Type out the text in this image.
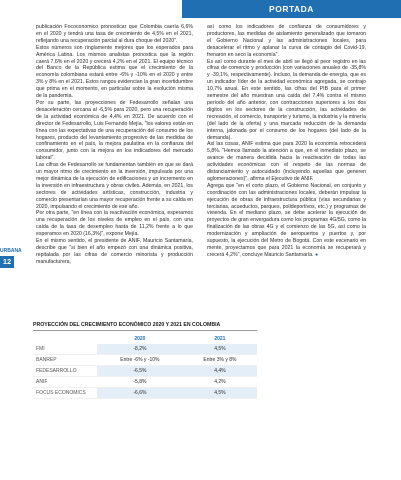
PORTADA
URBANA
12

publicación Fococonomico pronosticar que Colombia caería 6,6% en el 2020 y tendrá una tasa de crecimiento de 4,5% en el 2021, reflejando una recuperación parcial al dura choque del 2020".

Estos números son ringlamente mejores que los esperados para América Latina. Los mismos analistas pronostica que la región caerá 7,6% en el 2020 y crecerá 4,2% en el 2021. El equipo técnico del Banco de la República estima que el crecimiento de la economía colombiana estará entre -6% y -10% en el 2020 y entre 3% y 8% en el 2021. Estos rangos evidencian la gran incertidumbre que prima en el momento, en particular sobre la evolución misma de la pandemia.

Por su parte, las proyecciones de Fedesarrollo señalan una desaceleración cercana al -6,5% para 2020, pero una recuperación de la actividad económica de 4,4% en 2021. De acuerdo con el director de Fedesarrollo, Luis Fernando Mejía, "los valores están en línea con las expectativas de una recuperación del consumo de los hogares, producto del levantamiento progresivo de las medidas de confinamiento en el país, la mejora paulatina en la confianza del consumidor, junto con la mejora en los indicadores del mercado laboral".

Las cifras de Fedesarrollo se fundamentan también en que se dará un mayor ritmo de crecimiento en la inversión, impulsada por una mejor dinámica de la ejecución de edificaciones y un incremento en la inversión en infraestructura y obras civiles. Además, en 2021, los sectores de actividades artísticas, construcción, industria y comercio presentarían una mayor recuperación frente a su caída en 2020, impulsando el crecimiento de ese año.

Por otra parte, "en línea con la reactivación económica, esperamos una recuperación de los niveles de empleo en el país, con una caída de la tasa de desempleo hasta de 11,2% frente a lo que esperamos en 2020 (16,3%)", expone Mejía.

En el mismo sentido, el presidente de ANIF, Mauricio Santamaría, describe que "si bien el año empezó con una dinámica positiva, repitalada por las cifras de comercio minorista y producción manufacturera,

así como los indicadores de confianza de consumidores y productores, las medidas de aislamiento generalizado que tomaron el Gobierno Nacional y las administraciones locales, para desacelerar el ritmo y aplanar la curva de contagio del Covid-19, frenaron en seco la economía".

Es así como durante el mes de abril se llegó al peor registro en las cifras de comercio y producción (con variaciones anuales de -35,8% y -39,1%, respectivamente). Incluso, la demanda de energía, que es un indicador líder de la actividad económica agregada, se contrajo 10,7% anual. En este sentido, las cifras del PIB para el primer semestre del año muestran una caída del 7,4% contra el mismo período del año anterior, con contracciones superiores a los dos dígitos en los sectores de la construcción, las actividades de recreación, el comercio, transporte y turismo, la industria y la minería (del lado de la oferta) y una marcada reducción de la demanda interna, jalonada por el consumo de los hogares (del lado de la demanda).

Así las cosas, ANIF estima que para 2020 la economía retrocederá 5,8%. "Hemos llamado la atención a que, en el inmediato plazo, se avance de manera decidida hacia la reactivación de todas las actividades económicas con el respeto de las normas de distanciamiento y autocuidado (incluyendo aquellas que generen aglomeraciones)", afirma el Ejecutivo de ANIF.

Agrega que "en el corto plazo, el Gobierno Nacional, en conjunto y coordinación con las administraciones locales, deberán impulsar la ejecución de obras de infraestructura pública (vías secundarias y terciarias, acueductos, parques, polideportivos, etc.) y programas de vivienda. En el mediano plazo, se debe acelerar la ejecución de proyectos de gran envergadura como los programas 4G/5G, como la finalización de las obras 4G y el comienzo de las 5G, así como la modernización y ampliación de aeropuertos y puertos y, por supuesto, la ejecución del Metro de Bogotá. Con este escenario en mente, proyectamos que para 2021 la economía se recuperará y crecerá 4,2%", concluye Mauricio Santamaría. ●

PROYECCIÓN DEL CRECIMIENTO ECONÓMICO 2020 Y 2021 EN COLOMBIA
	2020	2021
FMI	-8,2%	4,5%
BANREP	Entre -6% y -10%	Entre 3% y 8%
FEDESARROLLO	-6,5%	4,4%
ANIF	-5,8%	4,2%
FOCUS ECONOMICS	-6,6%	4,5%
